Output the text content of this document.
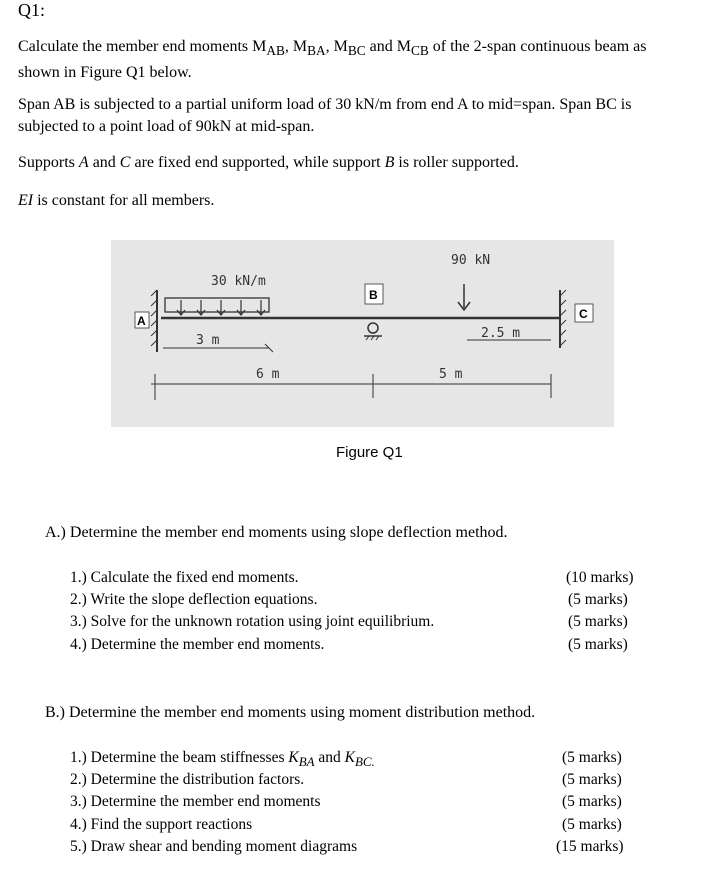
Q1:
Calculate the member end moments $M_{AB}$, $M_{BA}$, $M_{BC}$ and $M_{CB}$ of the 2-span continuous beam as shown in Figure Q1 below.
Span AB is subjected to a partial uniform load of 30 kN/m from end A to mid=span. Span BC is subjected to a point load of 90kN at mid-span.
Supports A and C are fixed end supported, while support B is roller supported.
EI is constant for all members.
30 kN/m
90 kN
3 m
6 m
2.5 m
5 m
A
B
C
Figure Q1
A.) Determine the member end moments using slope deflection method.
1.) Calculate the fixed end moments.	(10 marks)
2.) Write the slope deflection equations.	(5 marks)
3.) Solve for the unknown rotation using joint equilibrium.	(5 marks)
4.) Determine the member end moments.	(5 marks)
B.) Determine the member end moments using moment distribution method.
1.) Determine the beam stiffnesses $K_{BA}$ and $K_{BC.}$	(5 marks)
2.) Determine the distribution factors.	(5 marks)
3.) Determine the member end moments	(5 marks)
4.) Find the support reactions	(5 marks)
5.) Draw shear and bending moment diagrams	(15 marks)
